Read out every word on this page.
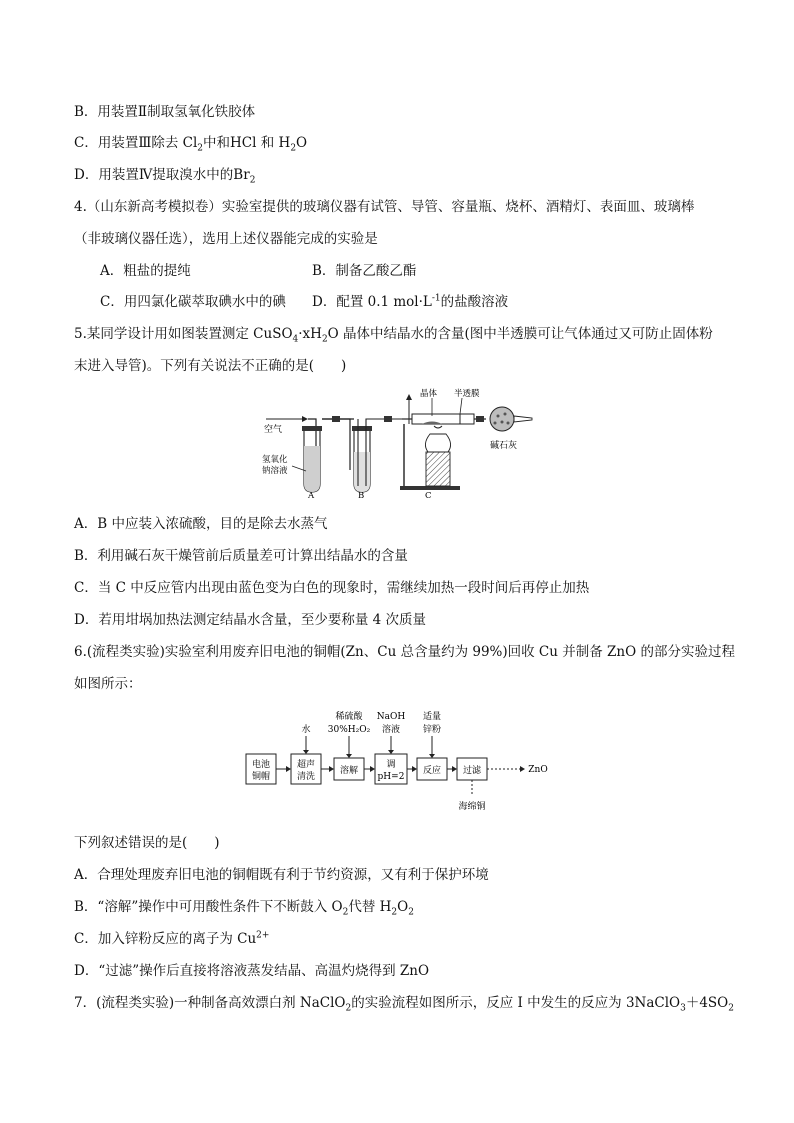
B．用装置Ⅱ制取氢氧化铁胶体
C．用装置Ⅲ除去 $Cl_2$中和HCl 和 $H_2O$
D．用装置Ⅳ提取溴水中的$Br_2$
4.（山东新高考模拟卷）实验室提供的玻璃仪器有试管、导管、容量瓶、烧杯、酒精灯、表面皿、玻璃棒
（非玻璃仪器任选），选用上述仪器能完成的实验是
A．粗盐的提纯	B．制备乙酸乙酯
C．用四氯化碳萃取碘水中的碘 D．配置 0.1 $mol\cdot L^{-1}$的盐酸溶液
5.某同学设计用如图装置测定 $CuSO_4\cdot xH_2O$ 晶体中结晶水的含量(图中半透膜可让气体通过又可防止固体粉
末进入导管)。下列有关说法不正确的是(　　)
空气
氢氧化
钠溶液
A	B
晶体 半透膜
C
碱石灰
A．B 中应装入浓硫酸，目的是除去水蒸气
B．利用碱石灰干燥管前后质量差可计算出结晶水的含量
C．当 C 中反应管内出现由蓝色变为白色的现象时，需继续加热一段时间后再停止加热
D．若用坩埚加热法测定结晶水含量，至少要称量 4 次质量
6.(流程类实验)实验室利用废弃旧电池的铜帽(Zn、Cu 总含量约为 99%)回收 Cu 并制备 ZnO 的部分实验过程
如图所示：
电池
铜帽
超声
清洗
水
溶解
稀硫酸
30%H₂O₂
调
pH=2
NaOH
溶液
反应
适量
锌粉
过滤	ZnO
海绵铜
下列叙述错误的是(　　)
A．合理处理废弃旧电池的铜帽既有利于节约资源，又有利于保护环境
B．“溶解”操作中可用酸性条件下不断鼓入 $O_2$代替 $H_2O_2$
C．加入锌粉反应的离子为 $Cu^{2+}$
D．“过滤”操作后直接将溶液蒸发结晶、高温灼烧得到 ZnO
7．(流程类实验)一种制备高效漂白剂 NaClO$_2$的实验流程如图所示，反应 I 中发生的反应为 $3NaClO_3+4SO_2$
